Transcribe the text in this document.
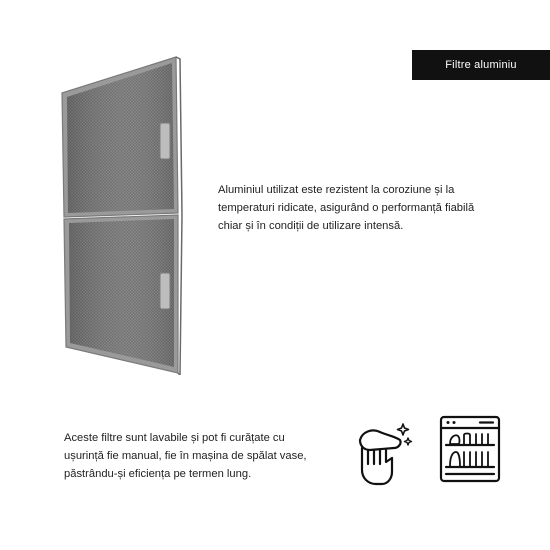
Filtre aluminiu
Aluminiul utilizat este rezistent la coroziune și la temperaturi ridicate, asigurând o performanță fiabilă chiar și în condiții de utilizare intensă.
Aceste filtre sunt lavabile și pot fi curățate cu ușurință fie manual, fie în mașina de spălat vase, păstrându-și eficiența pe termen lung.
